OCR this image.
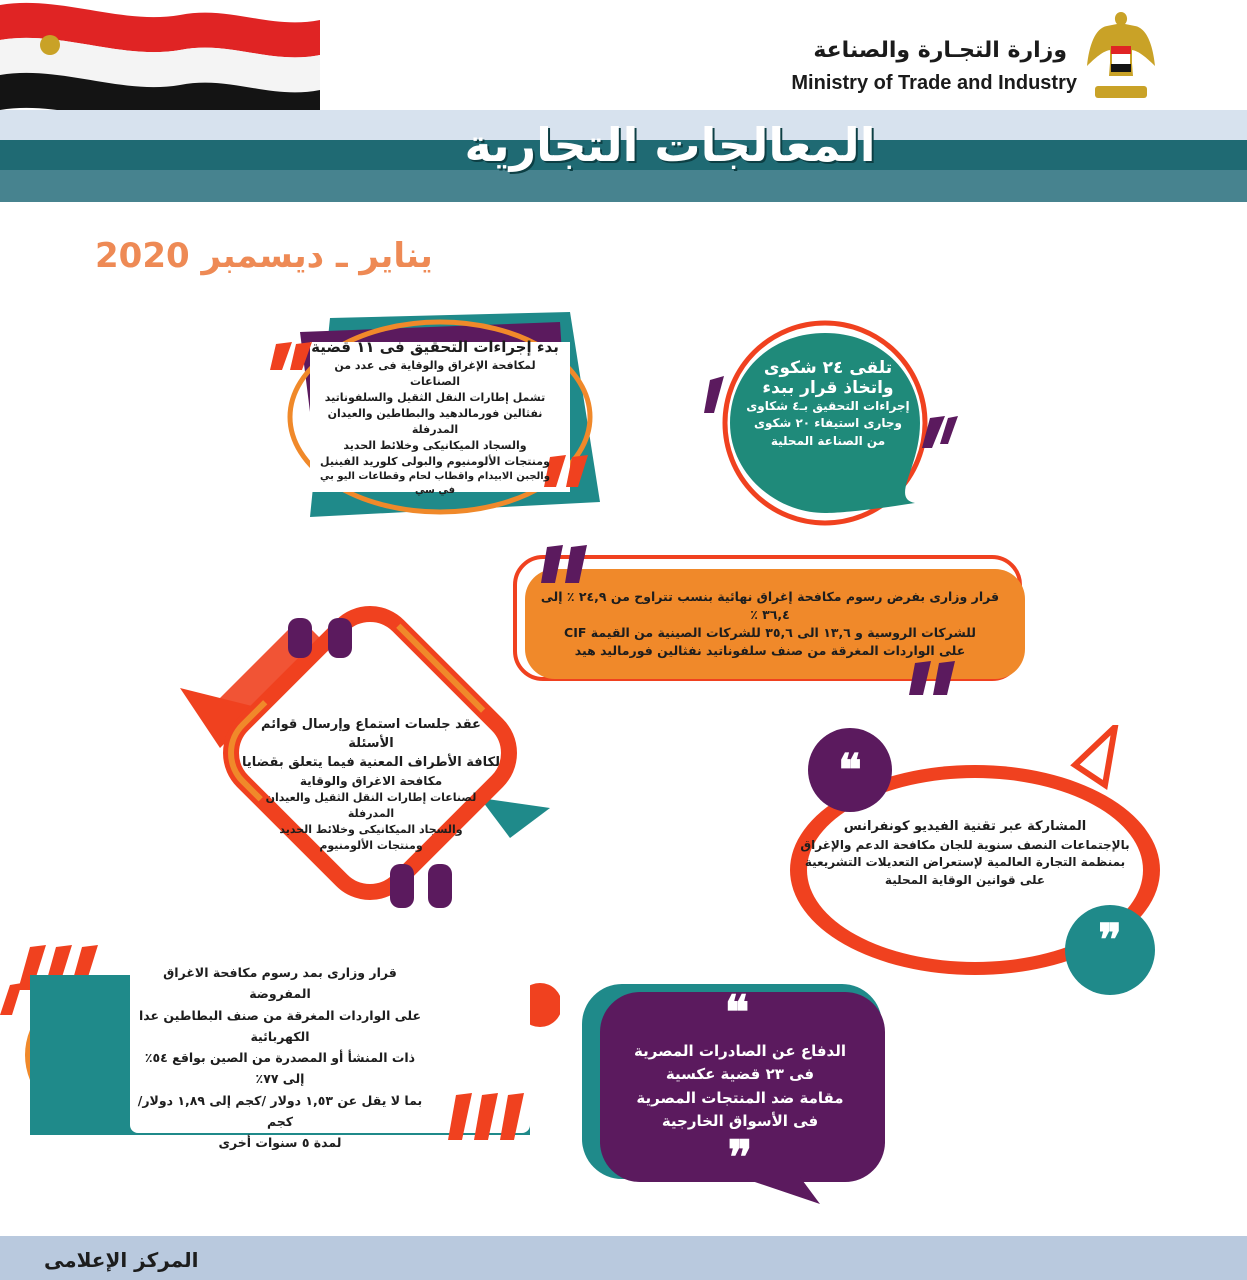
وزارة التجـارة والصناعة
Ministry of Trade and Industry
المعالجات التجارية
يناير ـ ديسمبر 2020
بدء إجراءات التحقيق فى ١١ قضية
لمكافحة الإغراق والوقاية فى عدد من الصناعات
تشمل إطارات النقل الثقيل والسلفوناتيد
نفثالين فورمالدهيد والبطاطين والعيدان المدرفلة
والسجاد الميكانيكى وخلائط الحديد
ومنتجات الألومنيوم والبولى كلوريد الفينيل
والجبن الابيدام واقطاب لحام وقطاعات اليو بي في سي
تلقى ٢٤ شكوى
واتخاذ قرار ببدء
إجراءات التحقيق بـ٤ شكاوى
وجارى استيفاء ٢٠ شكوى
من الصناعة المحلية
قرار وزارى بفرض رسوم مكافحة إغراق نهائية بنسب تتراوح من ٢٤,٩ ٪ إلى ٣٦,٤ ٪
للشركات الروسية و ١٣,٦ الى ٣٥,٦ للشركات الصينية من القيمة CIF
على الواردات المغرقة من صنف سلفوناتيد نفثالين فورماليد هيد
عقد جلسات استماع وإرسال قوائم الأسئلة
لكافة الأطراف المعنية فيما يتعلق بقضايا
مكافحة الاغراق والوقاية
لصناعات إطارات النقل الثقيل والعيدان المدرفلة
والسجاد الميكانيكى وخلائط الحديد
ومنتجات الألومنيوم
❝
❞
المشاركة عبر تقنية الفيديو كونفرانس
بالإجتماعات النصف سنوية للجان مكافحة الدعم والإغراق
بمنظمة التجارة العالمية لإستعراض التعديلات التشريعية
على قوانين الوقاية المحلية
قرار وزارى بمد رسوم مكافحة الاغراق المفروضة
على الواردات المغرقة من صنف البطاطين عدا الكهربائية
ذات المنشأ أو المصدرة من الصين بواقع ٥٤٪ إلى ٧٧٪
بما لا يقل عن ١,٥٣ دولار /كجم إلى ١,٨٩ دولار/ كجم
لمدة ٥ سنوات أخرى
❝
❞
الدفاع عن الصادرات المصرية
فى ٢٣ قضية عكسية
مقامة ضد المنتجات المصرية
فى الأسواق الخارجية
المركز الإعلامى
